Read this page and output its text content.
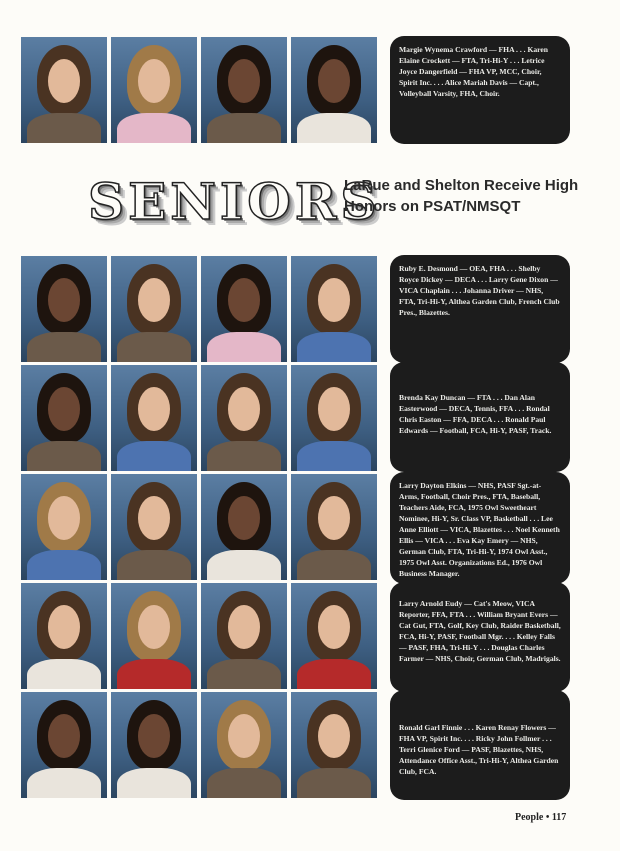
Margie Wynema Crawford — FHA . . . Karen Elaine Crockett — FTA, Tri-Hi-Y . . . Letrice Joyce Dangerfield — FHA VP, MCC, Choir, Spirit Inc. . . . Alice Mariah Davis — Capt., Volleyball Varsity, FHA, Choir.

SENIORS
LaRue and Shelton Receive High Honors on PSAT/NMSQT

Ruby E. Desmond — OEA, FHA . . . Shelby Royce Dickey — DECA . . . Larry Gene Dixon — VICA Chaplain . . . Johanna Driver — NHS, FTA, Tri-Hi-Y, Althea Garden Club, French Club Pres., Blazettes.

Brenda Kay Duncan — FTA . . . Dan Alan Easterwood — DECA, Tennis, FFA . . . Rondal Chris Easton — FFA, DECA . . . Ronald Paul Edwards — Football, FCA, Hi-Y, PASF, Track.

Larry Dayton Elkins — NHS, PASF Sgt.-at-Arms, Football, Choir Pres., FTA, Baseball, Teachers Aide, FCA, 1975 Owl Sweetheart Nominee, Hi-Y, Sr. Class VP, Basketball . . . Lee Anne Elliott — VICA, Blazettes . . . Noel Kenneth Ellis — VICA . . . Eva Kay Emery — NHS, German Club, FTA, Tri-Hi-Y, 1974 Owl Asst., 1975 Owl Asst. Organizations Ed., 1976 Owl Business Manager.

Larry Arnold Eudy — Cat's Meow, VICA Reporter, FFA, FTA . . . William Bryant Evers — Cat Gut, FTA, Golf, Key Club, Raider Basketball, FCA, Hi-Y, PASF, Football Mgr. . . . Kelley Falls — PASF, FHA, Tri-Hi-Y . . . Douglas Charles Farmer — NHS, Choir, German Club, Madrigals.

Ronald Garl Finnie . . . Karen Renay Flowers — FHA VP, Spirit Inc. . . . Ricky John Follmer . . . Terri Glenice Ford — PASF, Blazettes, NHS, Attendance Office Asst., Tri-Hi-Y, Althea Garden Club, FCA.

People • 117
